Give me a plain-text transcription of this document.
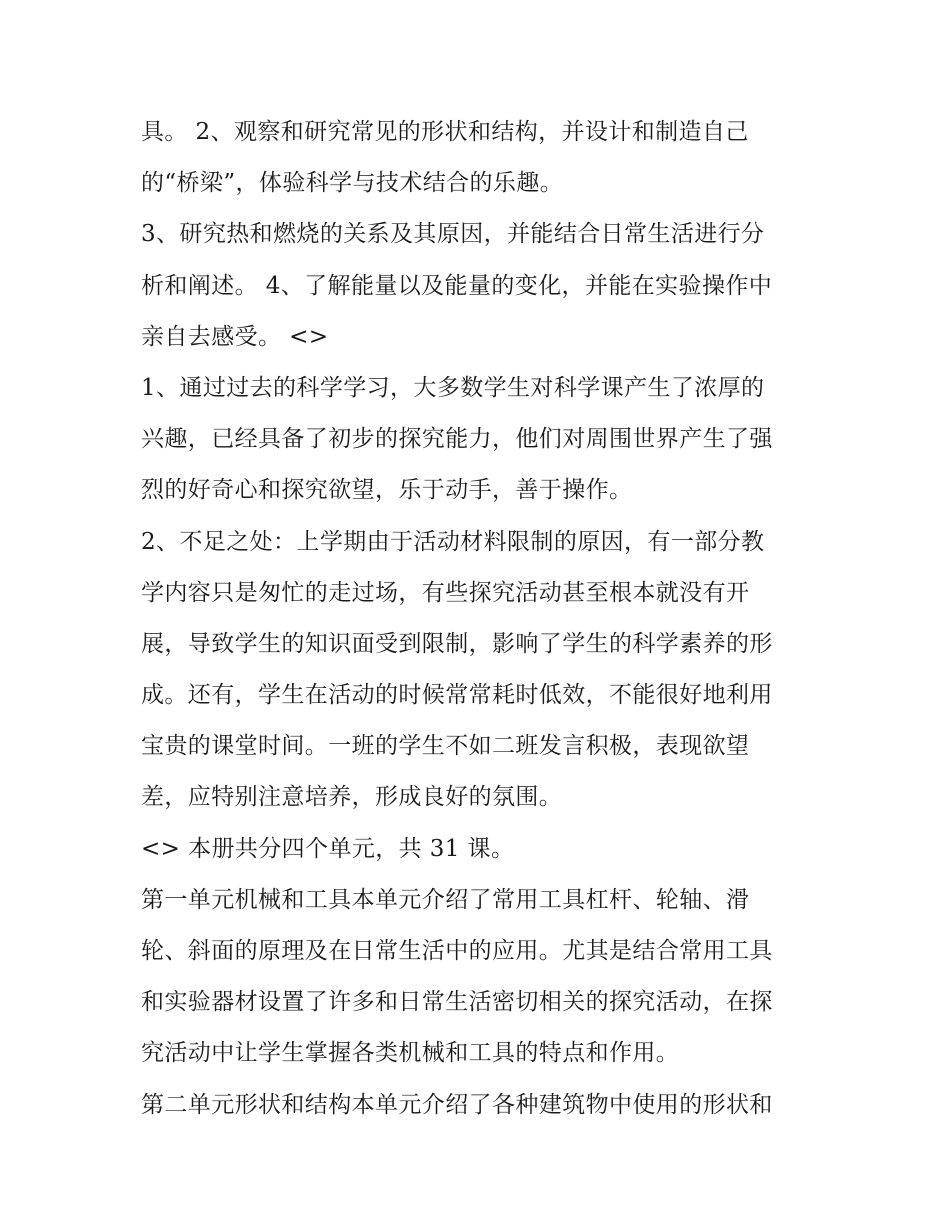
具。 2、观察和研究常见的形状和结构，并设计和制造自己
的“桥梁”，体验科学与技术结合的乐趣。
3、研究热和燃烧的关系及其原因，并能结合日常生活进行分
析和阐述。 4、了解能量以及能量的变化，并能在实验操作中
亲自去感受。 <>
1、通过过去的科学学习，大多数学生对科学课产生了浓厚的
兴趣，已经具备了初步的探究能力，他们对周围世界产生了强
烈的好奇心和探究欲望，乐于动手，善于操作。
2、不足之处：上学期由于活动材料限制的原因，有一部分教
学内容只是匆忙的走过场，有些探究活动甚至根本就没有开
展，导致学生的知识面受到限制，影响了学生的科学素养的形
成。还有，学生在活动的时候常常耗时低效，不能很好地利用
宝贵的课堂时间。一班的学生不如二班发言积极，表现欲望
差，应特别注意培养，形成良好的氛围。
<> 本册共分四个单元，共 31 课。
第一单元机械和工具本单元介绍了常用工具杠杆、轮轴、滑
轮、斜面的原理及在日常生活中的应用。尤其是结合常用工具
和实验器材设置了许多和日常生活密切相关的探究活动，在探
究活动中让学生掌握各类机械和工具的特点和作用。
第二单元形状和结构本单元介绍了各种建筑物中使用的形状和
